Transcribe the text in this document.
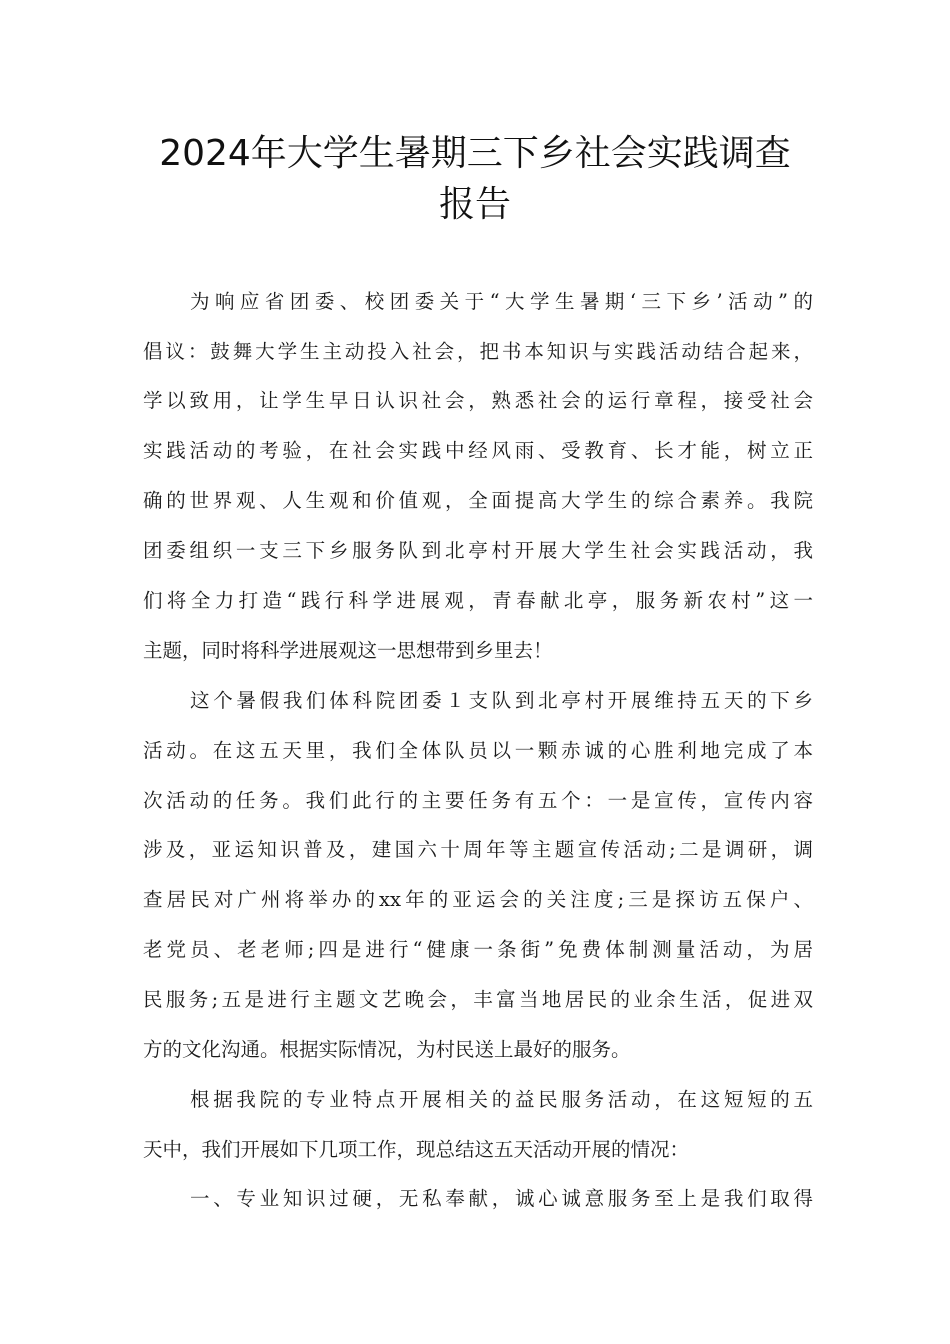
2024年大学生暑期三下乡社会实践调查
报告
为响应省团委、校团委关于“大学生暑期‘三下乡’活动”的
倡议：鼓舞大学生主动投入社会，把书本知识与实践活动结合起来，
学以致用，让学生早日认识社会，熟悉社会的运行章程，接受社会
实践活动的考验，在社会实践中经风雨、受教育、长才能，树立正
确的世界观、人生观和价值观，全面提高大学生的综合素养。我院
团委组织一支三下乡服务队到北亭村开展大学生社会实践活动，我
们将全力打造“践行科学进展观，青春献北亭，服务新农村”这一
主题，同时将科学进展观这一思想带到乡里去！
这个暑假我们体科院团委１支队到北亭村开展维持五天的下乡
活动。在这五天里，我们全体队员以一颗赤诚的心胜利地完成了本
次活动的任务。我们此行的主要任务有五个：一是宣传，宣传内容
涉及，亚运知识普及，建国六十周年等主题宣传活动;二是调研，调
查居民对广州将举办的xx年的亚运会的关注度;三是探访五保户、
老党员、老老师;四是进行“健康一条街”免费体制测量活动，为居
民服务;五是进行主题文艺晚会，丰富当地居民的业余生活，促进双
方的文化沟通。根据实际情况，为村民送上最好的服务。
根据我院的专业特点开展相关的益民服务活动，在这短短的五
天中，我们开展如下几项工作，现总结这五天活动开展的情况：
一、专业知识过硬，无私奉献，诚心诚意服务至上是我们取得
